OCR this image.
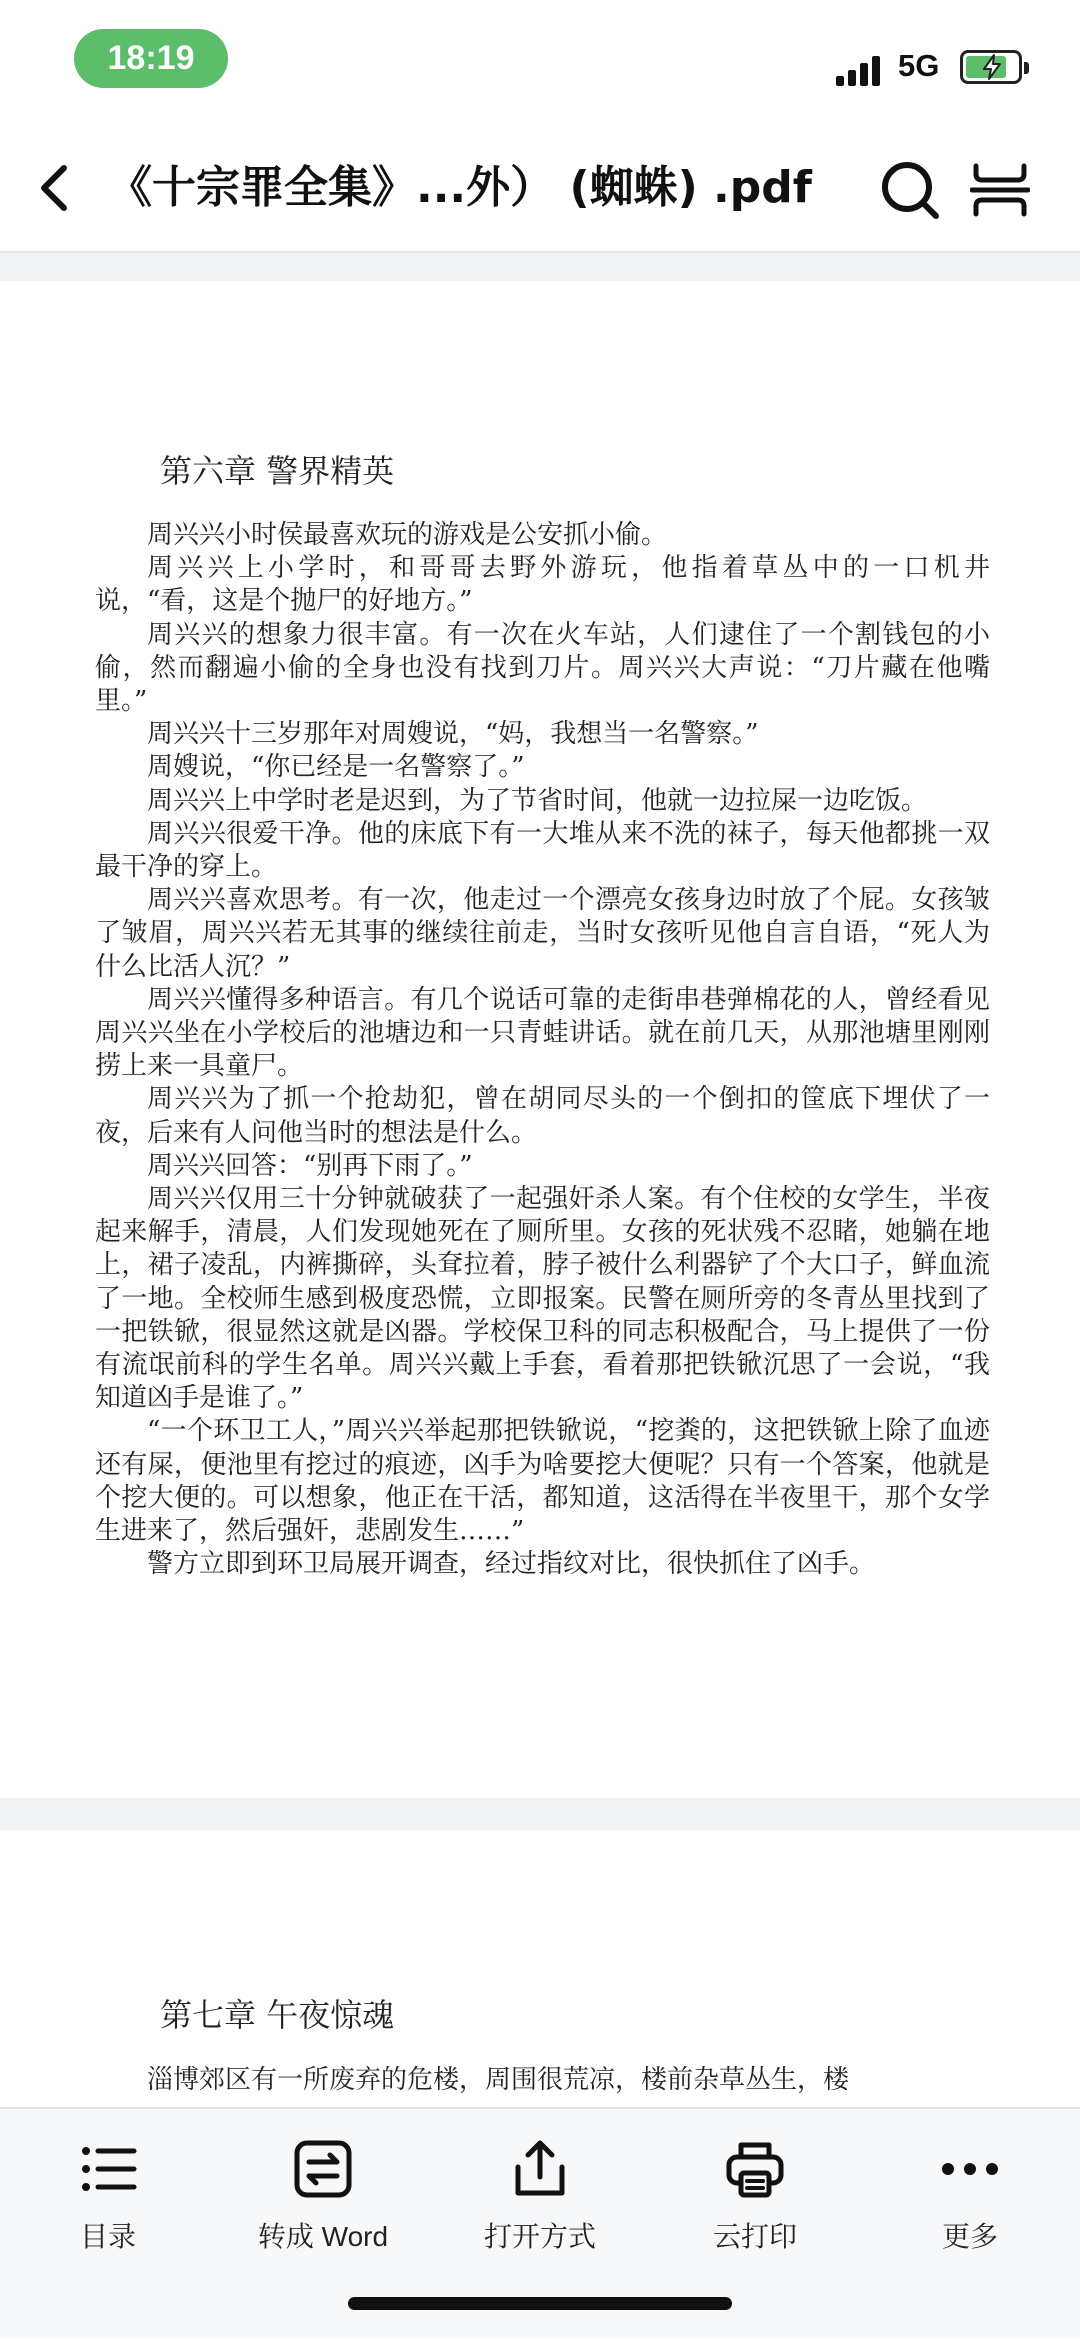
18:19	5G
《十宗罪全集》...外） (蜘蛛) .pdf
第六章 警界精英

周兴兴小时侯最喜欢玩的游戏是公安抓小偷。

周兴兴上小学时，和哥哥去野外游玩，他指着草丛中的一口机井说，“看，这是个抛尸的好地方。”

周兴兴的想象力很丰富。有一次在火车站，人们逮住了一个割钱包的小偷，然而翻遍小偷的全身也没有找到刀片。周兴兴大声说：“刀片藏在他嘴里。”

周兴兴十三岁那年对周嫂说，“妈，我想当一名警察。”

周嫂说，“你已经是一名警察了。”

周兴兴上中学时老是迟到，为了节省时间，他就一边拉屎一边吃饭。

周兴兴很爱干净。他的床底下有一大堆从来不洗的袜子，每天他都挑一双最干净的穿上。

周兴兴喜欢思考。有一次，他走过一个漂亮女孩身边时放了个屁。女孩皱了皱眉，周兴兴若无其事的继续往前走，当时女孩听见他自言自语，“死人为什么比活人沉？”

周兴兴懂得多种语言。有几个说话可靠的走街串巷弹棉花的人，曾经看见周兴兴坐在小学校后的池塘边和一只青蛙讲话。就在前几天，从那池塘里刚刚捞上来一具童尸。

周兴兴为了抓一个抢劫犯，曾在胡同尽头的一个倒扣的筐底下埋伏了一夜，后来有人问他当时的想法是什么。

周兴兴回答：“别再下雨了。”

周兴兴仅用三十分钟就破获了一起强奸杀人案。有个住校的女学生，半夜起来解手，清晨，人们发现她死在了厕所里。女孩的死状残不忍睹，她躺在地上，裙子凌乱，内裤撕碎，头耷拉着，脖子被什么利器铲了个大口子，鲜血流了一地。全校师生感到极度恐慌，立即报案。民警在厕所旁的冬青丛里找到了一把铁锨，很显然这就是凶器。学校保卫科的同志积极配合，马上提供了一份有流氓前科的学生名单。周兴兴戴上手套，看着那把铁锨沉思了一会说，“我知道凶手是谁了。”

“一个环卫工人，”周兴兴举起那把铁锨说，“挖粪的，这把铁锨上除了血迹还有屎，便池里有挖过的痕迹，凶手为啥要挖大便呢？只有一个答案，他就是个挖大便的。可以想象，他正在干活，都知道，这活得在半夜里干，那个女学生进来了，然后强奸，悲剧发生……”

警方立即到环卫局展开调查，经过指纹对比，很快抓住了凶手。

第七章 午夜惊魂

淄博郊区有一所废弃的危楼，周围很荒凉，楼前杂草丛生，楼

目录	转成 Word	打开方式	云打印	更多
